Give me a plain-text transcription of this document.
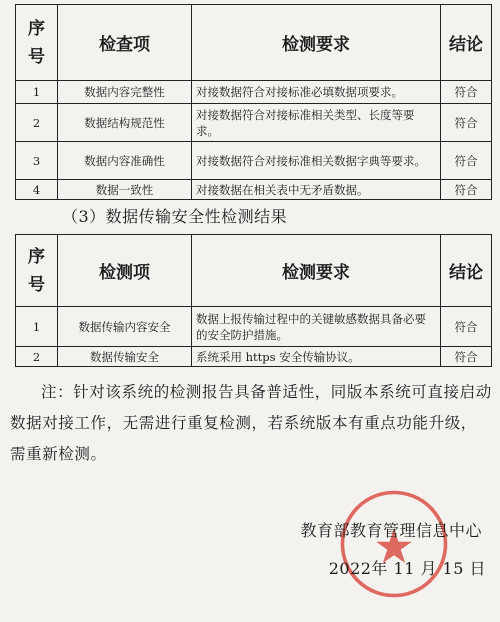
序
号	检查项	检测要求	结论
1	数据内容完整性	对接数据符合对接标准必填数据项要求。	符合
2	数据结构规范性	对接数据符合对接标准相关类型、长度等要求。	符合
3	数据内容准确性	对接数据符合对接标准相关数据字典等要求。	符合
4	数据一致性	对接数据在相关表中无矛盾数据。	符合
（3）数据传输安全性检测结果
序
号	检测项	检测要求	结论
1	数据传输内容安全	数据上报传输过程中的关键敏感数据具备必要的安全防护措施。	符合
2	数据传输安全	系统采用 https 安全传输协议。	符合

注：针对该系统的检测报告具备普适性，同版本系统可直接启动数据对接工作，无需进行重复检测，若系统版本有重点功能升级，需重新检测。

教育部教育管理信息中心
2022年 11 月 15 日
